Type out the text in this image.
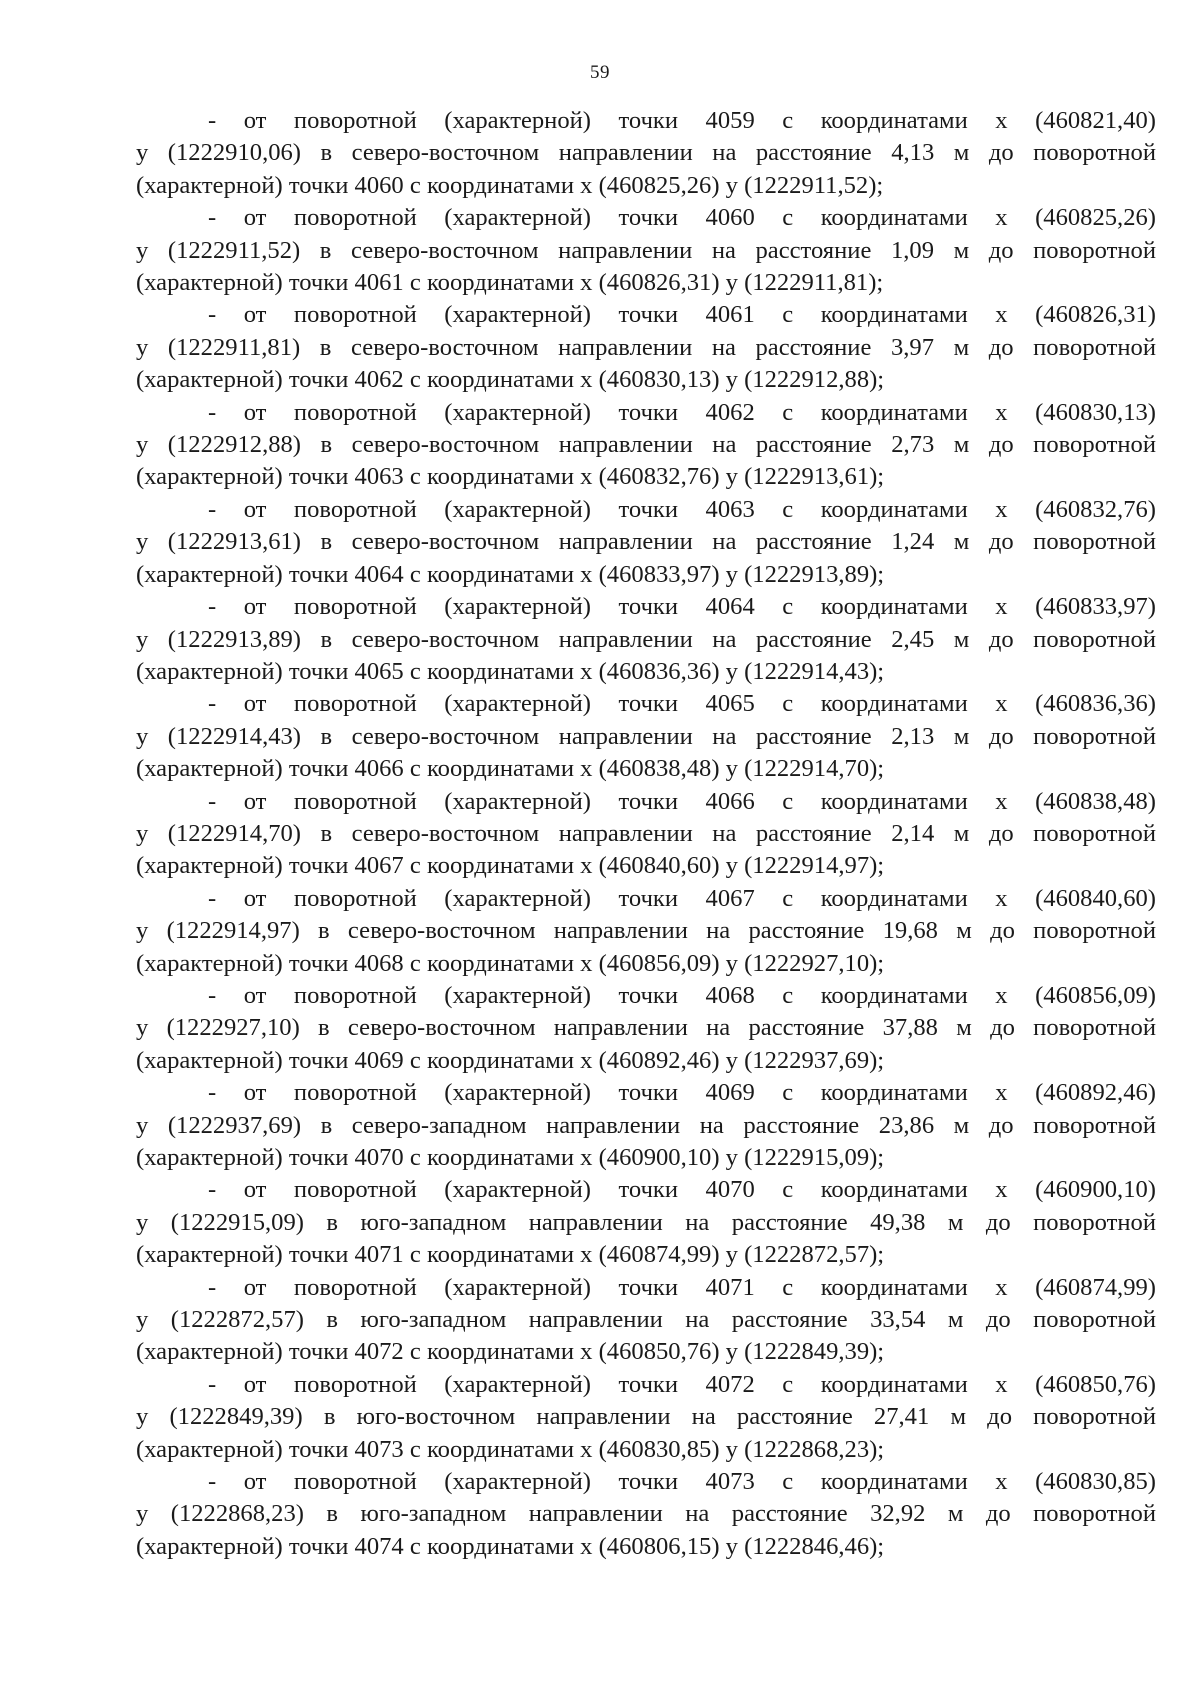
59

- от поворотной (характерной) точки 4059 с координатами х (460821,40)
у (1222910,06) в северо-восточном направлении на расстояние 4,13 м до поворотной
(характерной) точки 4060 с координатами х (460825,26) у (1222911,52);

- от поворотной (характерной) точки 4060 с координатами х (460825,26)
у (1222911,52) в северо-восточном направлении на расстояние 1,09 м до поворотной
(характерной) точки 4061 с координатами х (460826,31) у (1222911,81);

- от поворотной (характерной) точки 4061 с координатами х (460826,31)
у (1222911,81) в северо-восточном направлении на расстояние 3,97 м до поворотной
(характерной) точки 4062 с координатами х (460830,13) у (1222912,88);

- от поворотной (характерной) точки 4062 с координатами х (460830,13)
у (1222912,88) в северо-восточном направлении на расстояние 2,73 м до поворотной
(характерной) точки 4063 с координатами х (460832,76) у (1222913,61);

- от поворотной (характерной) точки 4063 с координатами х (460832,76)
у (1222913,61) в северо-восточном направлении на расстояние 1,24 м до поворотной
(характерной) точки 4064 с координатами х (460833,97) у (1222913,89);

- от поворотной (характерной) точки 4064 с координатами х (460833,97)
у (1222913,89) в северо-восточном направлении на расстояние 2,45 м до поворотной
(характерной) точки 4065 с координатами х (460836,36) у (1222914,43);

- от поворотной (характерной) точки 4065 с координатами х (460836,36)
у (1222914,43) в северо-восточном направлении на расстояние 2,13 м до поворотной
(характерной) точки 4066 с координатами х (460838,48) у (1222914,70);

- от поворотной (характерной) точки 4066 с координатами х (460838,48)
у (1222914,70) в северо-восточном направлении на расстояние 2,14 м до поворотной
(характерной) точки 4067 с координатами х (460840,60) у (1222914,97);

- от поворотной (характерной) точки 4067 с координатами х (460840,60)
у (1222914,97) в северо-восточном направлении на расстояние 19,68 м до поворотной
(характерной) точки 4068 с координатами х (460856,09) у (1222927,10);

- от поворотной (характерной) точки 4068 с координатами х (460856,09)
у (1222927,10) в северо-восточном направлении на расстояние 37,88 м до поворотной
(характерной) точки 4069 с координатами х (460892,46) у (1222937,69);

- от поворотной (характерной) точки 4069 с координатами х (460892,46)
у (1222937,69) в северо-западном направлении на расстояние 23,86 м до поворотной
(характерной) точки 4070 с координатами х (460900,10) у (1222915,09);

- от поворотной (характерной) точки 4070 с координатами х (460900,10)
у (1222915,09) в юго-западном направлении на расстояние 49,38 м до поворотной
(характерной) точки 4071 с координатами х (460874,99) у (1222872,57);

- от поворотной (характерной) точки 4071 с координатами х (460874,99)
у (1222872,57) в юго-западном направлении на расстояние 33,54 м до поворотной
(характерной) точки 4072 с координатами х (460850,76) у (1222849,39);

- от поворотной (характерной) точки 4072 с координатами х (460850,76)
у (1222849,39) в юго-восточном направлении на расстояние 27,41 м до поворотной
(характерной) точки 4073 с координатами х (460830,85) у (1222868,23);

- от поворотной (характерной) точки 4073 с координатами х (460830,85)
у (1222868,23) в юго-западном направлении на расстояние 32,92 м до поворотной
(характерной) точки 4074 с координатами х (460806,15) у (1222846,46);
